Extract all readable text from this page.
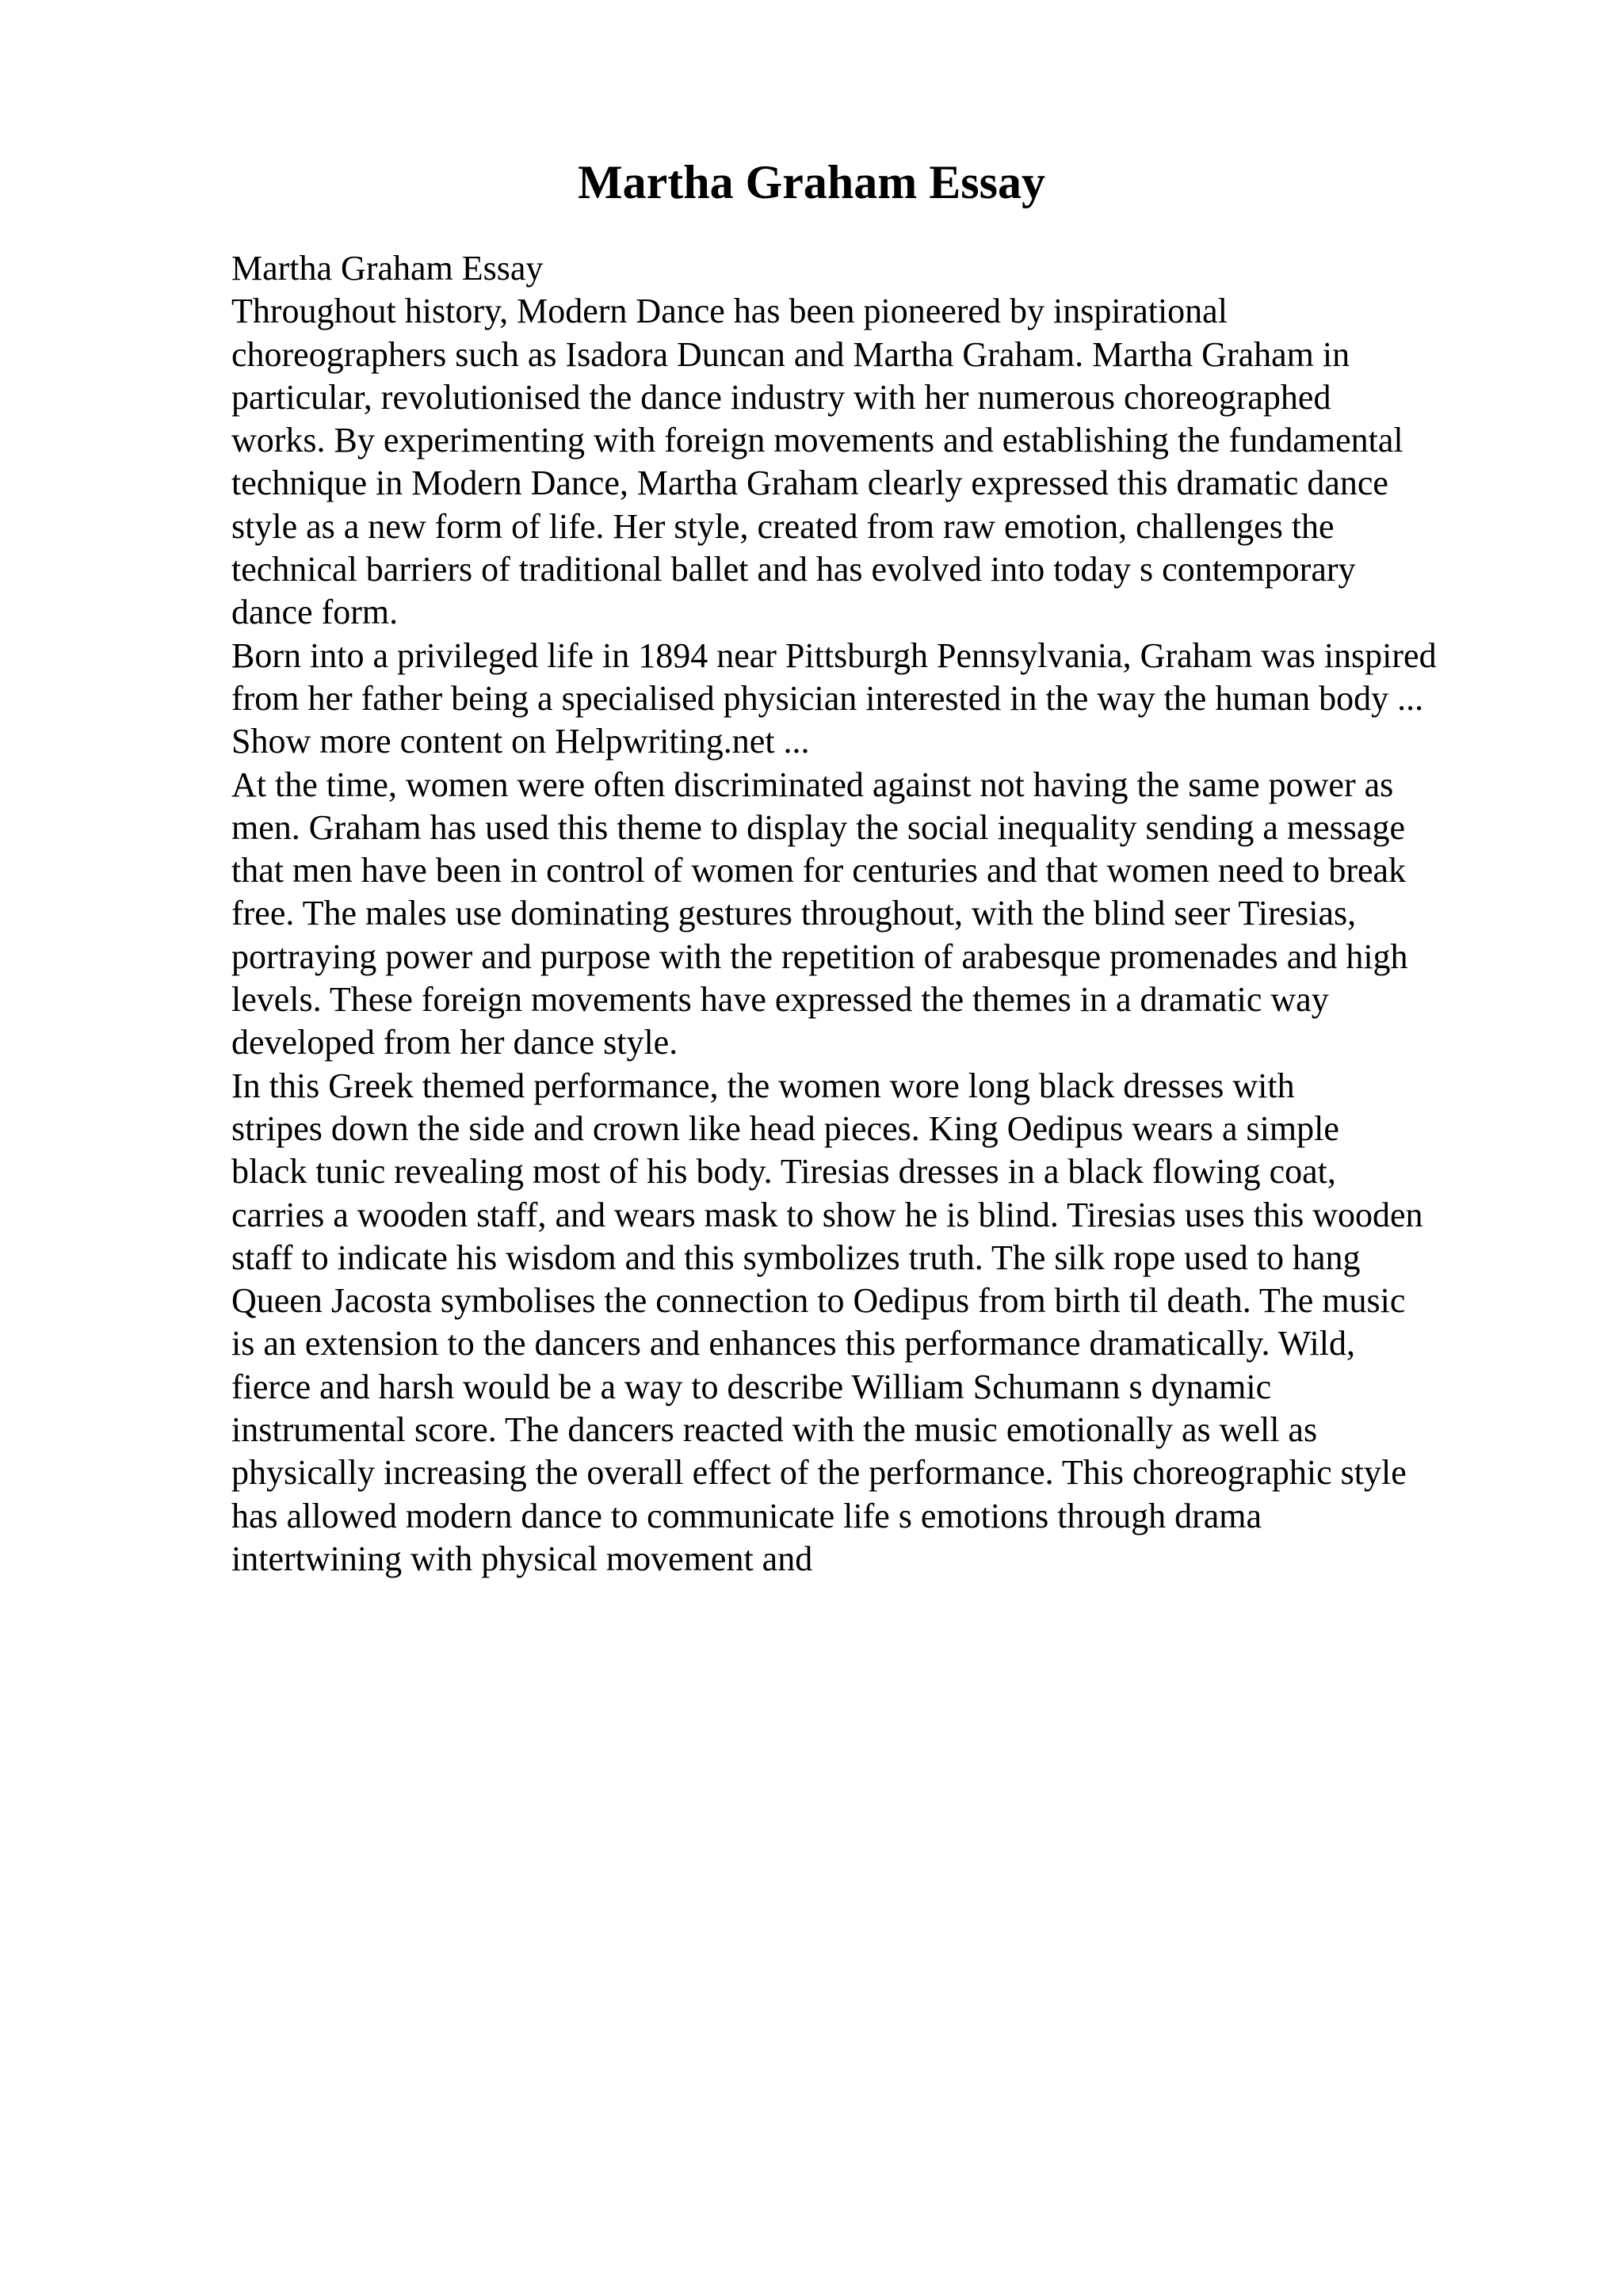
Martha Graham Essay
Martha Graham Essay
Throughout history, Modern Dance has been pioneered by inspirational
choreographers such as Isadora Duncan and Martha Graham. Martha Graham in
particular, revolutionised the dance industry with her numerous choreographed
works. By experimenting with foreign movements and establishing the fundamental
technique in Modern Dance, Martha Graham clearly expressed this dramatic dance
style as a new form of life. Her style, created from raw emotion, challenges the
technical barriers of traditional ballet and has evolved into today s contemporary
dance form.
Born into a privileged life in 1894 near Pittsburgh Pennsylvania, Graham was inspired
from her father being a specialised physician interested in the way the human body ...
Show more content on Helpwriting.net ...
At the time, women were often discriminated against not having the same power as
men. Graham has used this theme to display the social inequality sending a message
that men have been in control of women for centuries and that women need to break
free. The males use dominating gestures throughout, with the blind seer Tiresias,
portraying power and purpose with the repetition of arabesque promenades and high
levels. These foreign movements have expressed the themes in a dramatic way
developed from her dance style.
In this Greek themed performance, the women wore long black dresses with
stripes down the side and crown like head pieces. King Oedipus wears a simple
black tunic revealing most of his body. Tiresias dresses in a black flowing coat,
carries a wooden staff, and wears mask to show he is blind. Tiresias uses this wooden
staff to indicate his wisdom and this symbolizes truth. The silk rope used to hang
Queen Jacosta symbolises the connection to Oedipus from birth til death. The music
is an extension to the dancers and enhances this performance dramatically. Wild,
fierce and harsh would be a way to describe William Schumann s dynamic
instrumental score. The dancers reacted with the music emotionally as well as
physically increasing the overall effect of the performance. This choreographic style
has allowed modern dance to communicate life s emotions through drama
intertwining with physical movement and
